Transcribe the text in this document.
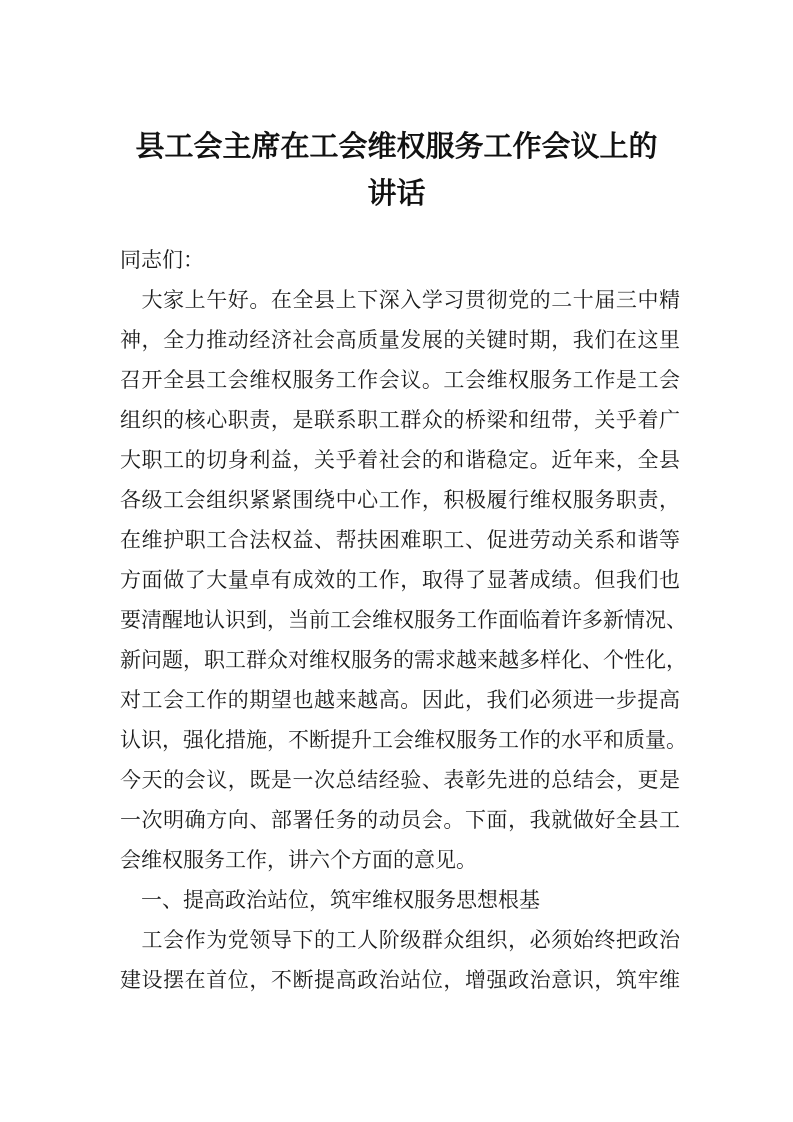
县工会主席在工会维权服务工作会议上的
讲话
同志们：
　大家上午好。在全县上下深入学习贯彻党的二十届三中精
神，全力推动经济社会高质量发展的关键时期，我们在这里
召开全县工会维权服务工作会议。工会维权服务工作是工会
组织的核心职责，是联系职工群众的桥梁和纽带，关乎着广
大职工的切身利益，关乎着社会的和谐稳定。近年来，全县
各级工会组织紧紧围绕中心工作，积极履行维权服务职责，
在维护职工合法权益、帮扶困难职工、促进劳动关系和谐等
方面做了大量卓有成效的工作，取得了显著成绩。但我们也
要清醒地认识到，当前工会维权服务工作面临着许多新情况、
新问题，职工群众对维权服务的需求越来越多样化、个性化，
对工会工作的期望也越来越高。因此，我们必须进一步提高
认识，强化措施，不断提升工会维权服务工作的水平和质量。
今天的会议，既是一次总结经验、表彰先进的总结会，更是
一次明确方向、部署任务的动员会。下面，我就做好全县工
会维权服务工作，讲六个方面的意见。
　一、提高政治站位，筑牢维权服务思想根基
　工会作为党领导下的工人阶级群众组织，必须始终把政治
建设摆在首位，不断提高政治站位，增强政治意识，筑牢维
